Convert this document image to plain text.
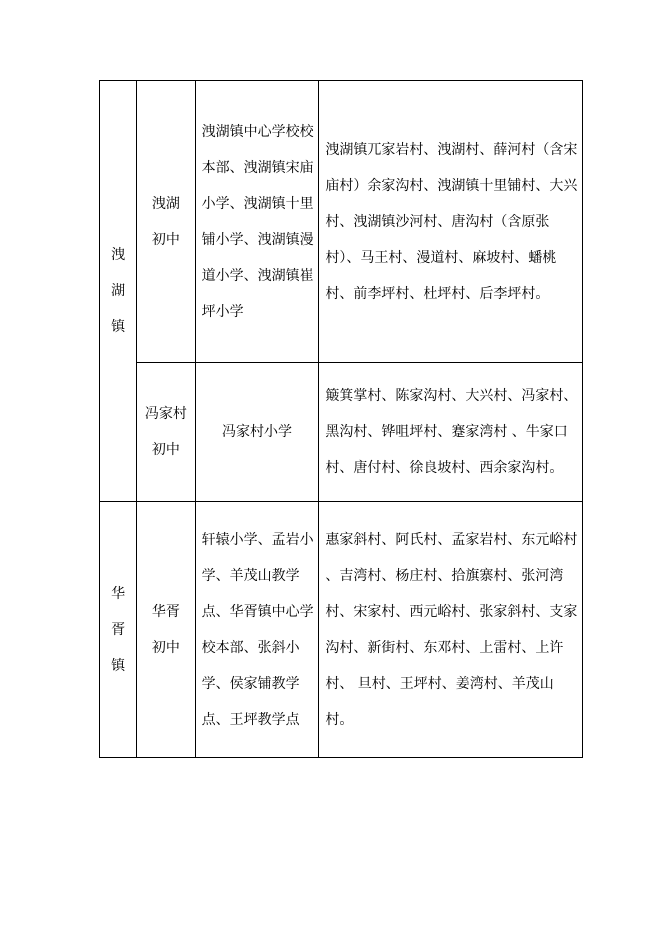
洩湖镇	洩湖初中	洩湖镇中心学校校本部、洩湖镇宋庙小学、洩湖镇十里铺小学、洩湖镇漫道小学、洩湖镇崔坪小学	洩湖镇兀家岩村、洩湖村、薛河村（含宋庙村）余家沟村、洩湖镇十里铺村、大兴村、洩湖镇沙河村、唐沟村（含原张村）、马王村、漫道村、麻坡村、蟠桃村、前李坪村、杜坪村、后李坪村。

	冯家村初中	冯家村小学	簸箕掌村、陈家沟村、大兴村、冯家村、黑沟村、铧咀坪村、蹇家湾村 、牛家口村、唐付村、徐良坡村、西余家沟村。

华胥镇	华胥初中	轩辕小学、孟岩小学、羊茂山教学点、华胥镇中心学校本部、张斜小学、侯家铺教学点、王坪教学点	惠家斜村、阿氏村、孟家岩村、东元峪村 、吉湾村、杨庄村、拾旗寨村、张河湾村、宋家村、西元峪村、张家斜村、支家沟村、新街村、东邓村、上雷村、上许村、 旦村、王坪村、姜湾村、羊茂山村。
